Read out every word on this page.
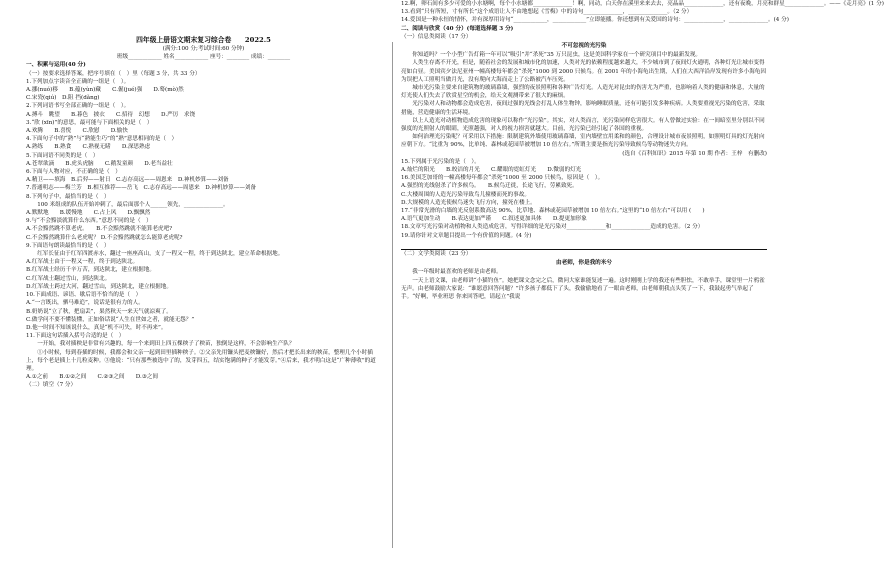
四年级上册语文期末复习综合卷　　2022.5
(满分:100 分;考试时间:60 分钟)
班级____________ 姓名____________ 座号：________ 成绩：________
一、积累与运用(40 分)
（一）按要求选择答案，把序号填在（　）里（每题 3 分，共 33 分）
1.下列加点字读音全正确的一组是（　）。
A.挪(nuó)移　　B.蕴(yùn)藏　　C.倔(jué)强　　D.蓦(mò)然
C.宋瓷(qiú)　D.阻 挡(dǎng)
2.下列词语书写全部正确的一组是（　）。
A.搏斗　眺望　　B.暮色　披衣　　C.招待　幻想　　D.严厉　求饶
3.“欣 (xīn)”的意思，最可能与下面相关的是（　）
A.欢腾　　B.喜悦　　C.欣慰　　D.愉快
4.下面句子中的“熟”与“熟能生巧”的“熟”意思相同的是（　）
A.熟练　　B.熟食　　C.熟视无睹　　D.深思熟虑
5.下面词语不同类的是（　）
A.苍翠欲滴　　B.虎头虎脑　　C.鹅发童颜　　D.老当益壮
6.下面与人物对应，不正确的是（　）
A.精卫——填海　B.后羿——射日　C.志存高远——周恩来　D.神机妙算——刘备
7.普通明志——梅兰芳　B.相互推荐——岳飞　C.志存高远——周恩来　D.神机妙算——刘备
8.下列句子中，最恰当的是（　）
　　100 米组成的队伍开始冲刺了，最后面那个人______领先，______________。
A.默默地　　B.缓慢地　　C.占上风　　D.飘飘然
9.与“不会黯淡就算什么东西。”意思不同的是（　）
A.不会黯然跳不算老虎。　　B.不会黯然跳就不能算老虎吧?
C.不会黯然跳算什么老虎呢？ D.不会黯然跳就怎么能算老虎呢?
9.下面语句朗读最恰当的是（　）
红军长征由于红军四渡赤水，翻过一座座高山，支了一程又一程，终于到达陕北，建立革命根据地。
A.红军战士由于一程又一程，终于到达陕北。
B.红军战士经历千辛万苦，到达陕北，建立根据地。
C.红军战士翻过雪山，到达陕北。
D.红军战士跨过大河，翻过雪山，到达陕北，建立根据地。
10.下面成语、谚语、歇后语不恰当的是（　）
A.“一言既出，驷马难追”，说话是很有力的人。
B.奶奶说“立了秋，把扇丢”，果然秋天一来天气就凉爽了。
C.做学问不要不懂装懂，正如俗话说“人生在世如之者，就能无怨？”
D.他一时间不知该说什么，真是“机不可失，时不再来”。
11.下面这句话插入括号合适的是（　）
一开始，我对插秧是非常有兴趣的，每一个来到田上四五棵秧子了秧苗，独倒是这样，不会影响生产队？
①小时候，每到春插的时候，我都会和父亲一起到田里插种秧子。②父亲先用镰头把麦秧镰好，然后才把长出来的秧苗，整理几个小时插上，每个老是插上十几粒麦种。③他说：“只有那些被选中了的，发芽四五，结实饱满的种子才能发芽。”④后来，我才明白这是“广种薄收”的道理。
A.①之前　　B.①②之间　　C.②③之间　　D.③之间
（二）填空（7 分）
12.啊，卵石间有多少可爱的小水塘啊，每个小水塘都______________！啊，同动，白天你在溪里来来去去，亮晶晶______________，还有夜晚，月亮和群星______________。——《走月亮》(1 分)
13.看到“只有所短，寸有所长”这个成语让人不由地想起《雪梅》中的诗句______________，______________。（2 分）
14.爱国是一种永恒的情怀，并有深厚用诗句“____________，____________”立即能播。你还想到有关爱国的诗句：______________，______________。(4 分)
二、阅读与欣赏（40 分）(每道选择题 3 分)
（一）信息类阅读（17 分）
不可忽视的光污染
你知道吗？一个小型广告灯箱一年可以“吸引”并“杀死”35 万只昆虫，这是美国科学家在一个研究项目中的最新发现。
人类生存离不开光，但是，随着社会的发展和城市化的加速，人类对光的依赖程度越来越大，不少城市到了夜间灯火通明，各种灯光让城市变得亮如白昼。美国宾夕法尼亚州一幢高楼每年都会“杀死”1000 到 2000 只候鸟。在 2001 年的小海龟出生期，人们在大西洋沿岸发现有许多小海龟因为误把人工照明当做月光，没有爬向大海而走上了公路被汽车压死。
城市光污染主要来自建筑物的玻璃幕墙，强烈的夜景照明和各种广告灯光。人造光对昆虫的伤害尤为严重，也影响着人类的健康和休息，大量的灯光使人们失去了欣赏星空的机会，给天文观测带来了很大的麻烦。
光污染对人和动物都会造成危害，夜间过强的光线会打乱人体生物钟，影响睡眠质量，还有可能引发多种疾病。人类要重视光污染的危害，采取措施，营造健康的生活环境。
以上人造光对动植物造成危害的现象可以称作“光污染”。其实，对人类而言，光污染同样危害很大。有人曾做过实验：在一间暗室里分别以不同强度的光照射人的眼睛，光照越强，对人的视力损害就越大。目前，光污染已经引起了各国的重视。
如何治理光污染呢？可采用以下措施：限制建筑外墙使用玻璃幕墙，室内墙壁宜用柔和的颜色，合理设计城市夜景照明，如照明灯具的灯光射向应朝下方。“比重为 90%，比单纯、森林或花园草被增加 10 倍左右。”所谓主要是指光污染导致候鸟等动物迷失方向。
(选自《百科知识》2015 年第 10 期 作者：王梓　有删改)
15.下列属于光污染的是（　）。
A.灿烂的阳光　　B.皎洁的月光　　C.耀眼的霓虹灯光　　D.微弱的灯光
16.美国芝加哥的一幢高楼每年都会“杀死”1000 至 2000 只候鸟，原因是（　）。
A.强烈的光线射杀了许多候鸟。　　B.候鸟迁徙，长途飞行，劳累致死。
C.大楼周围的人造光污染导致鸟儿撞楼而死的事故。
D.大规模的人造光使候鸟迷失飞行方向，撞死在楼上。
17.“非常光滑的白墙的光反射系数高达 90%，比草地、森林或花园草被增加 10 倍左右。”这里的“10 倍左右”可以用 (　　)
A.语气更加生动　　B.表达更加严谨　　C.叙述更加具体　　D.提更加形象
18.文章写光污染对动植物和人类造成危害，写得详细的是光污染对______________和______________造成的危害。（2 分）
19.请你针对文章题目提出一个有价值的问题。(4 分)
（二）文学类阅读（23 分）
由老师，你是我的米兮
我一年级时最喜欢的老师是由老师。
一天上语文课，由老师讲“小猫钓鱼”。她把课文念完之后，微问大家谁能复述一遍。这时刚刚上学的我还有些胆怯，不敢举手，课堂里一片鸦雀无声。由老师鼓励大家说：“谁愿意回答问题？”许多孩子都低下了头，我偷偷地看了一眼由老师，由老师朝我点头笑了一下，我鼓起勇气举起了手。“好啊，毕业班思 你来回答吧，请起立”我说
